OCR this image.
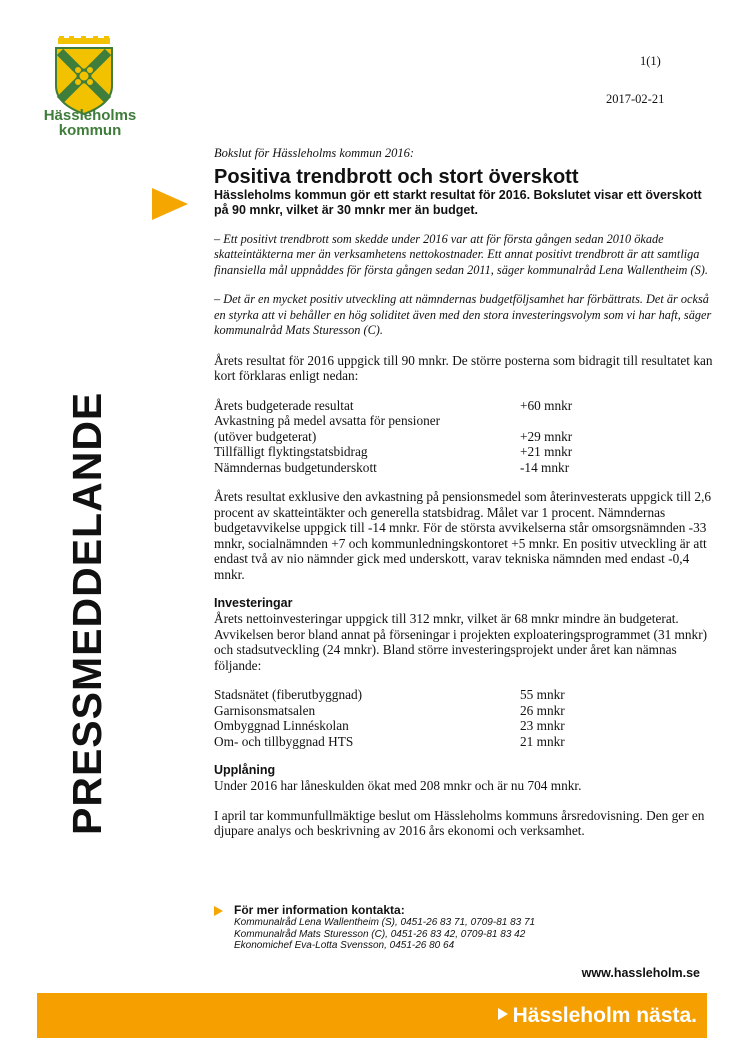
Hässleholms
kommun
PRESSMEDDELANDE
1(1)
2017-02-21
Bokslut för Hässleholms kommun 2016:
Positiva trendbrott och stort överskott
Hässleholms kommun gör ett starkt resultat för 2016. Bokslutet visar ett överskott på 90 mnkr, vilket är 30 mnkr mer än budget.
– Ett positivt trendbrott som skedde under 2016 var att för första gången sedan 2010 ökade skatteintäkterna mer än verksamhetens nettokostnader. Ett annat positivt trendbrott är att samtliga finansiella mål uppnåddes för första gången sedan 2011, säger kommunalråd Lena Wallentheim (S).
– Det är en mycket positiv utveckling att nämndernas budgetföljsamhet har förbättrats. Det är också en styrka att vi behåller en hög soliditet även med den stora investeringsvolym som vi har haft, säger kommunalråd Mats Sturesson (C).

Årets resultat för 2016 uppgick till 90 mnkr. De större posterna som bidragit till resultatet kan kort förklaras enligt nedan:

Årets budgeterade resultat	+60 mnkr
Avkastning på medel avsatta för pensioner
(utöver budgeterat)	+29 mnkr
Tillfälligt flyktingstatsbidrag	+21 mnkr
Nämndernas budgetunderskott	-14 mnkr

Årets resultat exklusive den avkastning på pensionsmedel som återinvesterats uppgick till 2,6 procent av skatteintäkter och generella statsbidrag. Målet var 1 procent. Nämndernas budgetavvikelse uppgick till -14 mnkr. För de största avvikelserna står omsorgsnämnden -33 mnkr, socialnämnden +7 och kommunledningskontoret +5 mnkr. En positiv utveckling är att endast två av nio nämnder gick med underskott, varav tekniska nämnden med endast -0,4 mnkr.

Investeringar

Årets nettoinvesteringar uppgick till 312 mnkr, vilket är 68 mnkr mindre än budgeterat. Avvikelsen beror bland annat på förseningar i projekten exploateringsprogrammet (31 mnkr) och stadsutveckling (24 mnkr). Bland större investeringsprojekt under året kan nämnas följande:

Stadsnätet (fiberutbyggnad)	55 mnkr
Garnisonsmatsalen	26 mnkr
Ombyggnad Linnéskolan	23 mnkr
Om- och tillbyggnad HTS	21 mnkr
Upplåning

Under 2016 har låneskulden ökat med 208 mnkr och är nu 704 mnkr.

I april tar kommunfullmäktige beslut om Hässleholms kommuns årsredovisning. Den ger en djupare analys och beskrivning av 2016 års ekonomi och verksamhet.

För mer information kontakta:
Kommunalråd Lena Wallentheim (S), 0451-26 83 71, 0709-81 83 71
Kommunalråd Mats Sturesson (C), 0451-26 83 42, 0709-81 83 42
Ekonomichef Eva-Lotta Svensson, 0451-26 80 64
www.hassleholm.se
Hässleholm nästa.
